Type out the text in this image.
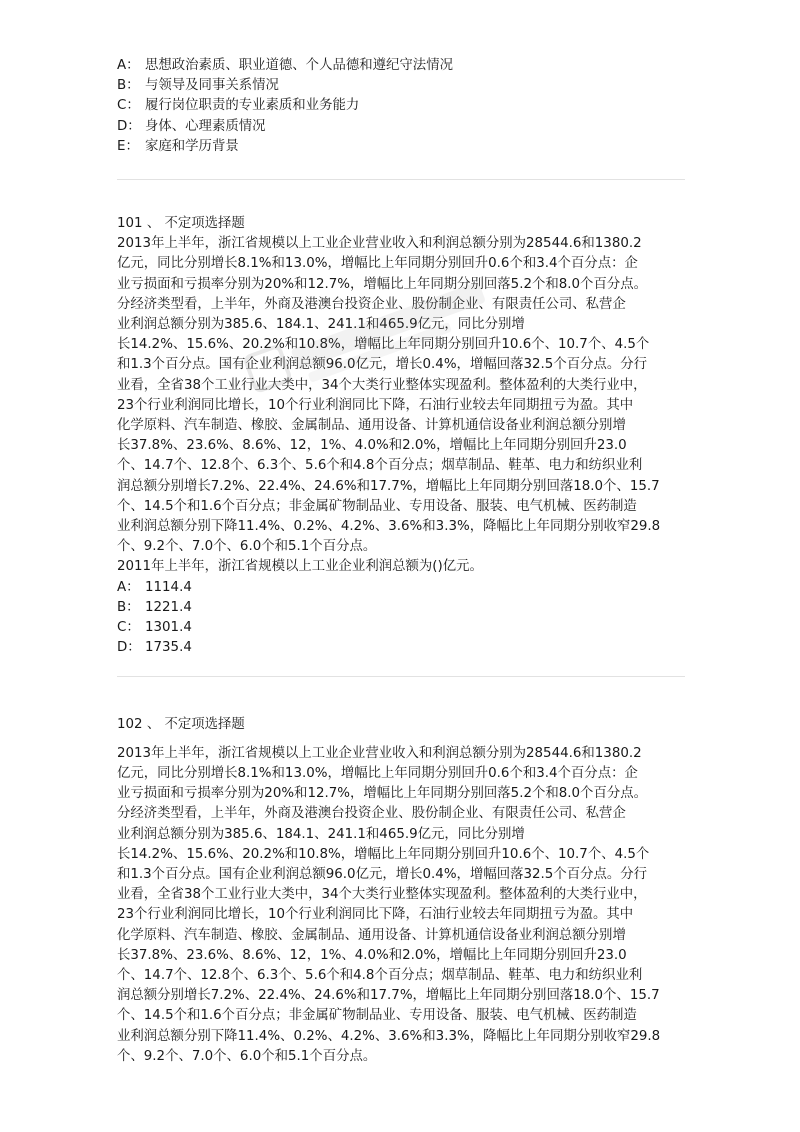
A： 思想政治素质、职业道德、个人品德和遵纪守法情况
B： 与领导及同事关系情况
C： 履行岗位职责的专业素质和业务能力
D： 身体、心理素质情况
E： 家庭和学历背景
101 、 不定项选择题
2013年上半年，浙江省规模以上工业企业营业收入和利润总额分别为28544.6和1380.2
亿元，同比分别增长8.1%和13.0%，增幅比上年同期分别回升0.6个和3.4个百分点：企
业亏损面和亏损率分别为20%和12.7%，增幅比上年同期分别回落5.2个和8.0个百分点。
分经济类型看，上半年，外商及港澳台投资企业、股份制企业、有限责任公司、私营企
业利润总额分别为385.6、184.1、241.1和465.9亿元，同比分别增
长14.2%、15.6%、20.2%和10.8%，增幅比上年同期分别回升10.6个、10.7个、4.5个
和1.3个百分点。国有企业利润总额96.0亿元，增长0.4%，增幅回落32.5个百分点。分行
业看，全省38个工业行业大类中，34个大类行业整体实现盈利。整体盈利的大类行业中，
23个行业利润同比增长，10个行业利润同比下降，石油行业较去年同期扭亏为盈。其中
化学原料、汽车制造、橡胶、金属制品、通用设备、计算机通信设备业利润总额分别增
长37.8%、23.6%、8.6%、12，1%、4.0%和2.0%，增幅比上年同期分别回升23.0
个、14.7个、12.8个、6.3个、5.6个和4.8个百分点；烟草制品、鞋革、电力和纺织业利
润总额分别增长7.2%、22.4%、24.6%和17.7%，增幅比上年同期分别回落18.0个、15.7
个、14.5个和1.6个百分点；非金属矿物制品业、专用设备、服装、电气机械、医药制造
业利润总额分别下降11.4%、0.2%、4.2%、3.6%和3.3%，降幅比上年同期分别收窄29.8
个、9.2个、7.0个、6.0个和5.1个百分点。
2011年上半年，浙江省规模以上工业企业利润总额为()亿元。
A： 1114.4
B： 1221.4
C： 1301.4
D： 1735.4
102 、 不定项选择题
2013年上半年，浙江省规模以上工业企业营业收入和利润总额分别为28544.6和1380.2
亿元，同比分别增长8.1%和13.0%，增幅比上年同期分别回升0.6个和3.4个百分点：企
业亏损面和亏损率分别为20%和12.7%，增幅比上年同期分别回落5.2个和8.0个百分点。
分经济类型看，上半年，外商及港澳台投资企业、股份制企业、有限责任公司、私营企
业利润总额分别为385.6、184.1、241.1和465.9亿元，同比分别增
长14.2%、15.6%、20.2%和10.8%，增幅比上年同期分别回升10.6个、10.7个、4.5个
和1.3个百分点。国有企业利润总额96.0亿元，增长0.4%，增幅回落32.5个百分点。分行
业看，全省38个工业行业大类中，34个大类行业整体实现盈利。整体盈利的大类行业中，
23个行业利润同比增长，10个行业利润同比下降，石油行业较去年同期扭亏为盈。其中
化学原料、汽车制造、橡胶、金属制品、通用设备、计算机通信设备业利润总额分别增
长37.8%、23.6%、8.6%、12，1%、4.0%和2.0%，增幅比上年同期分别回升23.0
个、14.7个、12.8个、6.3个、5.6个和4.8个百分点；烟草制品、鞋革、电力和纺织业利
润总额分别增长7.2%、22.4%、24.6%和17.7%，增幅比上年同期分别回落18.0个、15.7
个、14.5个和1.6个百分点；非金属矿物制品业、专用设备、服装、电气机械、医药制造
业利润总额分别下降11.4%、0.2%、4.2%、3.6%和3.3%，降幅比上年同期分别收窄29.8
个、9.2个、7.0个、6.0个和5.1个百分点。
